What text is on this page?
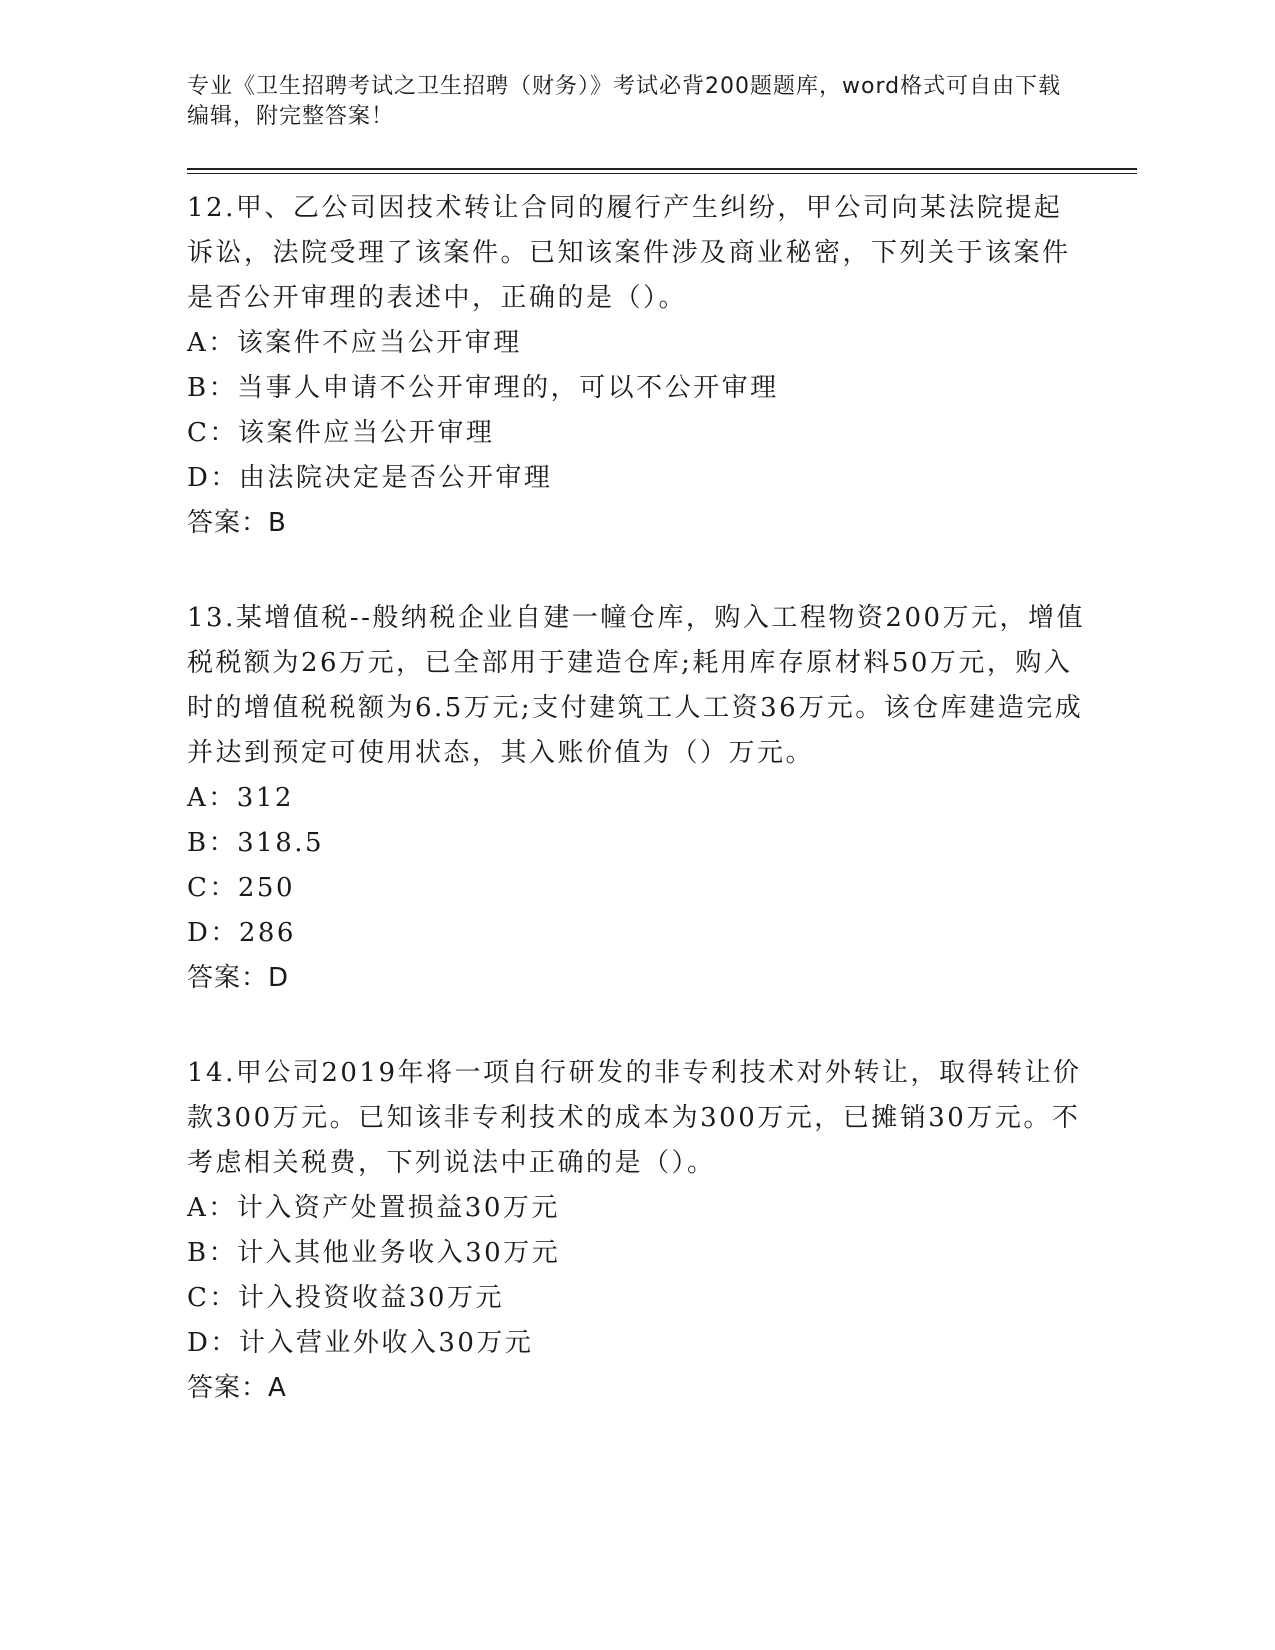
专业《卫生招聘考试之卫生招聘（财务）》考试必背200题题库，word格式可自由下载编辑，附完整答案！

12.甲、乙公司因技术转让合同的履行产生纠纷，甲公司向某法院提起诉讼，法院受理了该案件。已知该案件涉及商业秘密，下列关于该案件是否公开审理的表述中，正确的是（）。

A：该案件不应当公开审理

B：当事人申请不公开审理的，可以不公开审理

C：该案件应当公开审理

D：由法院决定是否公开审理

答案：B

13.某增值税--般纳税企业自建一幢仓库，购入工程物资200万元，增值税税额为26万元，已全部用于建造仓库;耗用库存原材料50万元，购入时的增值税税额为6.5万元;支付建筑工人工资36万元。该仓库建造完成并达到预定可使用状态，其入账价值为（）万元。

A：312

B：318.5

C：250

D：286

答案：D

14.甲公司2019年将一项自行研发的非专利技术对外转让，取得转让价款300万元。已知该非专利技术的成本为300万元，已摊销30万元。不考虑相关税费，下列说法中正确的是（）。

A：计入资产处置损益30万元

B：计入其他业务收入30万元

C：计入投资收益30万元

D：计入营业外收入30万元

答案：A
